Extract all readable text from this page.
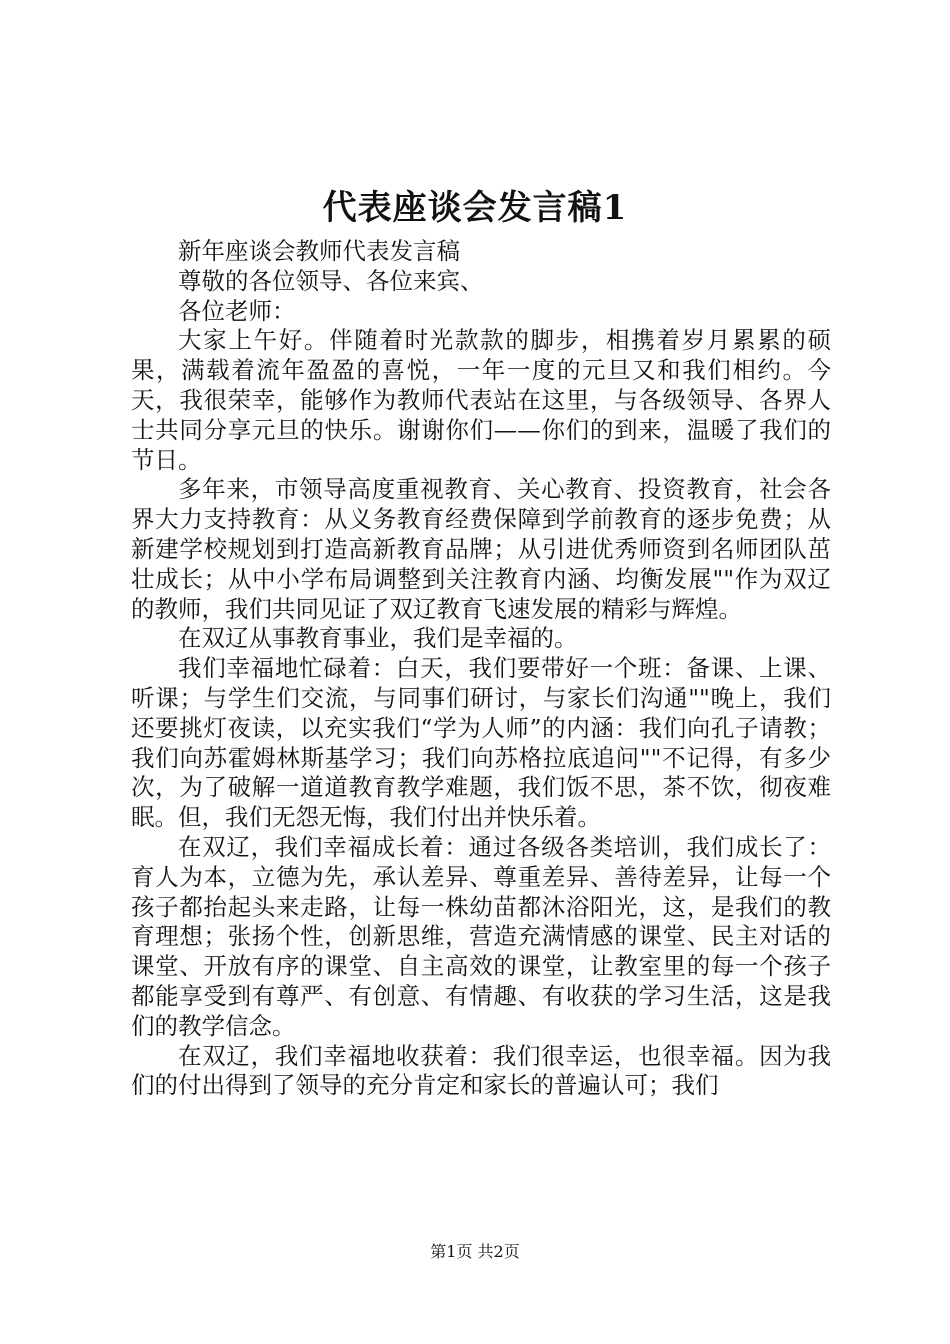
代表座谈会发言稿1

新年座谈会教师代表发言稿

尊敬的各位领导、各位来宾、

各位老师：

大家上午好。伴随着时光款款的脚步，相携着岁月累累的硕果，满载着流年盈盈的喜悦，一年一度的元旦又和我们相约。今天，我很荣幸，能够作为教师代表站在这里，与各级领导、各界人士共同分享元旦的快乐。谢谢你们——你们的到来，温暖了我们的节日。

多年来，市领导高度重视教育、关心教育、投资教育，社会各界大力支持教育：从义务教育经费保障到学前教育的逐步免费；从新建学校规划到打造高新教育品牌；从引进优秀师资到名师团队茁壮成长；从中小学布局调整到关注教育内涵、均衡发展""作为双辽的教师，我们共同见证了双辽教育飞速发展的精彩与辉煌。

在双辽从事教育事业，我们是幸福的。

我们幸福地忙碌着：白天，我们要带好一个班：备课、上课、听课；与学生们交流，与同事们研讨，与家长们沟通""晚上，我们还要挑灯夜读，以充实我们“学为人师”的内涵：我们向孔子请教；我们向苏霍姆林斯基学习；我们向苏格拉底追问""不记得，有多少次，为了破解一道道教育教学难题，我们饭不思，茶不饮，彻夜难眠。但，我们无怨无悔，我们付出并快乐着。

在双辽，我们幸福成长着：通过各级各类培训，我们成长了：育人为本，立德为先，承认差异、尊重差异、善待差异，让每一个孩子都抬起头来走路，让每一株幼苗都沐浴阳光，这，是我们的教育理想；张扬个性，创新思维，营造充满情感的课堂、民主对话的课堂、开放有序的课堂、自主高效的课堂，让教室里的每一个孩子都能享受到有尊严、有创意、有情趣、有收获的学习生活，这是我们的教学信念。

在双辽，我们幸福地收获着：我们很幸运，也很幸福。因为我们的付出得到了领导的充分肯定和家长的普遍认可；我们

第1页 共2页
